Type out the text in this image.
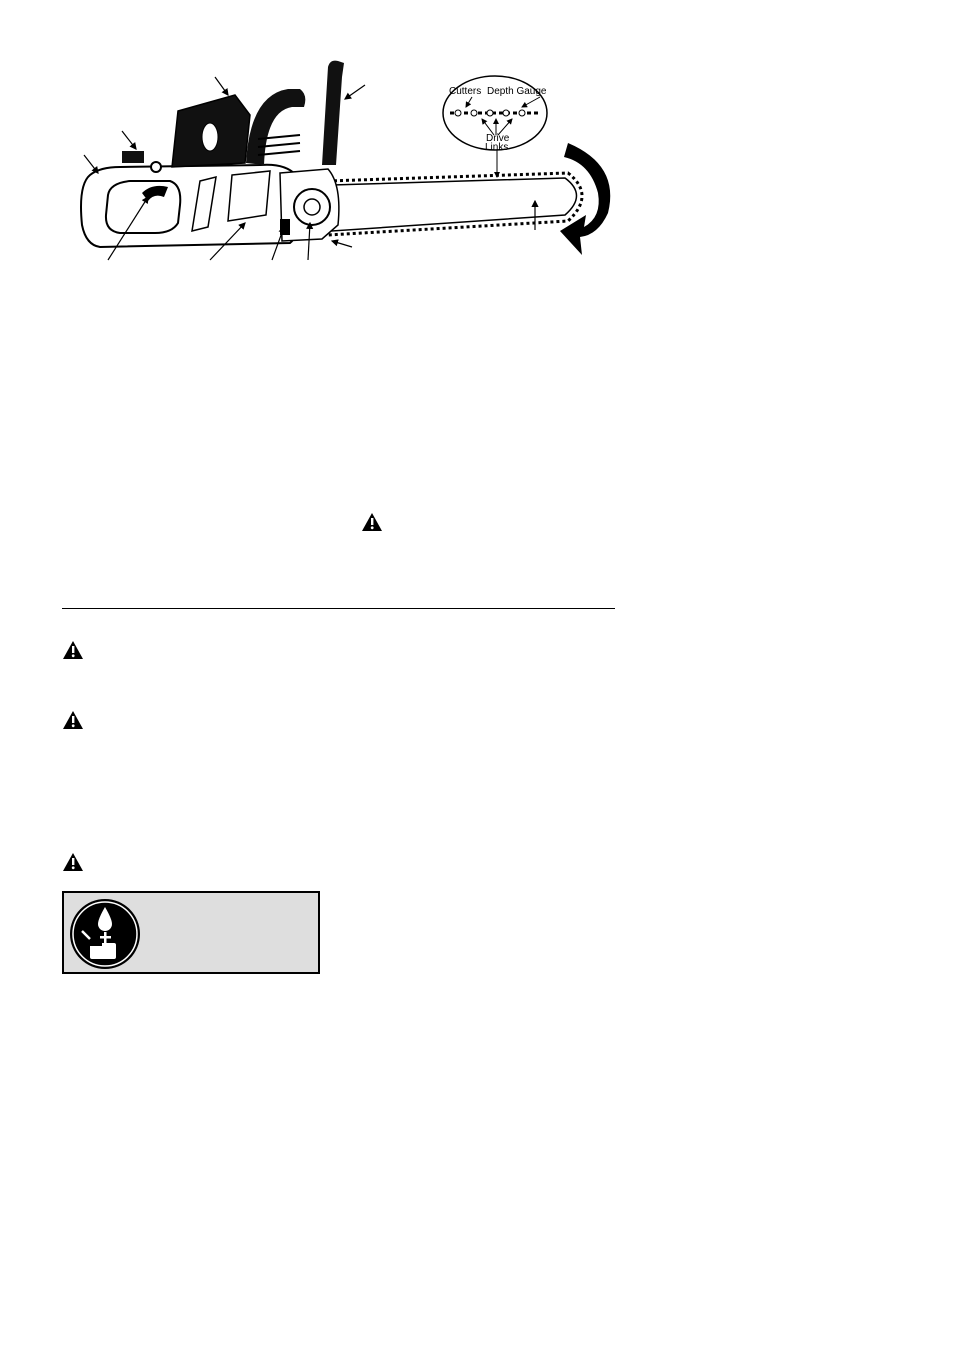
Cutters Depth Gauge
Drive
Links
